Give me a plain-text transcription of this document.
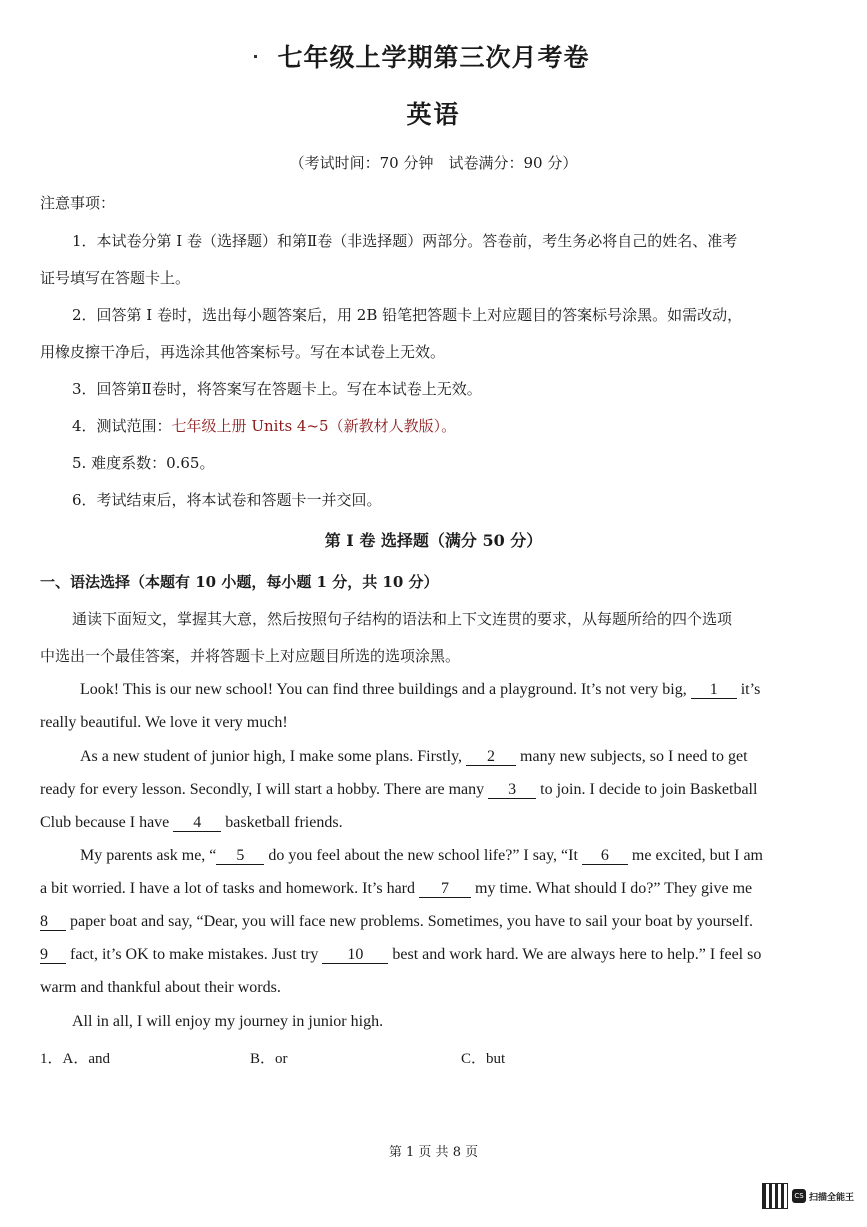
七年级上学期第三次月考卷
英语
（考试时间：70 分钟　试卷满分：90 分）
注意事项：
1．本试卷分第 I 卷（选择题）和第Ⅱ卷（非选择题）两部分。答卷前，考生务必将自己的姓名、准考
证号填写在答题卡上。
2．回答第 I 卷时，选出每小题答案后，用 2B 铅笔把答题卡上对应题目的答案标号涂黑。如需改动，
用橡皮擦干净后，再选涂其他答案标号。写在本试卷上无效。
3．回答第Ⅱ卷时，将答案写在答题卡上。写在本试卷上无效。
4．测试范围：七年级上册 Units 4~5（新教材人教版）。
5. 难度系数：0.65。
6．考试结束后，将本试卷和答题卡一并交回。
第 I 卷 选择题（满分 50 分）
一、语法选择（本题有 10 小题，每小题 1 分，共 10 分）
通读下面短文，掌握其大意，然后按照句子结构的语法和上下文连贯的要求，从每题所给的四个选项
中选出一个最佳答案，并将答题卡上对应题目所选的选项涂黑。
Look! This is our new school! You can find three buildings and a playground. It’s not very big, 1 it’s
really beautiful. We love it very much!
As a new student of junior high, I make some plans. Firstly, 2 many new subjects, so I need to get
ready for every lesson. Secondly, I will start a hobby. There are many 3 to join. I decide to join Basketball
Club because I have 4 basketball friends.
My parents ask me, “ 5 do you feel about the new school life?” I say, “It 6 me excited, but I am
a bit worried. I have a lot of tasks and homework. It’s hard 7 my time. What should I do?” They give me
8 paper boat and say, “Dear, you will face new problems. Sometimes, you have to sail your boat by yourself.
9 fact, it’s OK to make mistakes. Just try 10 best and work hard. We are always here to help.” I feel so
warm and thankful about their words.
All in all, I will enjoy my journey in junior high.
1．A．and	B．or	C．but
第 1 页 共 8 页
CS 扫描全能王
